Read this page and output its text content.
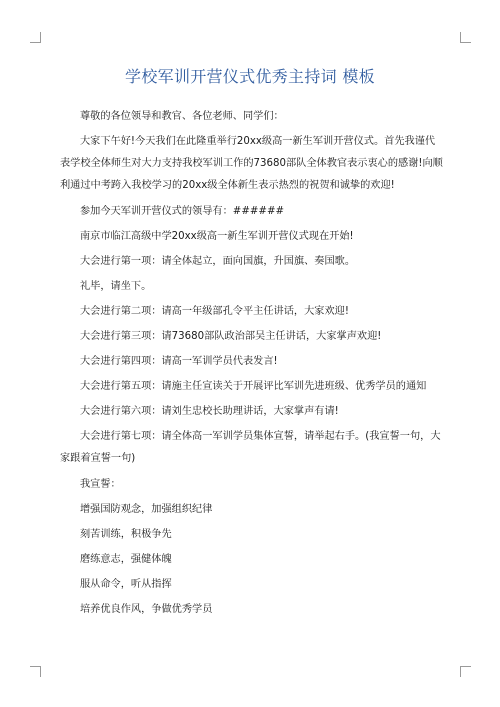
学校军训开营仪式优秀主持词 模板

尊敬的各位领导和教官、各位老师、同学们：

大家下午好!今天我们在此隆重举行20xx级高一新生军训开营仪式。首先我谨代表学校全体师生对大力支持我校军训工作的73680部队全体教官表示衷心的感谢!向顺利通过中考跨入我校学习的20xx级全体新生表示热烈的祝贺和诚挚的欢迎!

参加今天军训开营仪式的领导有：######

南京市临江高级中学20xx级高一新生军训开营仪式现在开始!

大会进行第一项：请全体起立，面向国旗，升国旗、奏国歌。

礼毕，请坐下。

大会进行第二项：请高一年级部孔令平主任讲话，大家欢迎!

大会进行第三项：请73680部队政治部吴主任讲话，大家掌声欢迎!

大会进行第四项：请高一军训学员代表发言!

大会进行第五项：请施主任宣读关于开展评比军训先进班级、优秀学员的通知

大会进行第六项：请刘生忠校长助理讲话，大家掌声有请!

大会进行第七项：请全体高一军训学员集体宣誓，请举起右手。(我宣誓一句，大家跟着宣誓一句)

我宣誓：

增强国防观念，加强组织纪律

刻苦训练，积极争先

磨练意志，强健体魄

服从命令，听从指挥

培养优良作风，争做优秀学员
